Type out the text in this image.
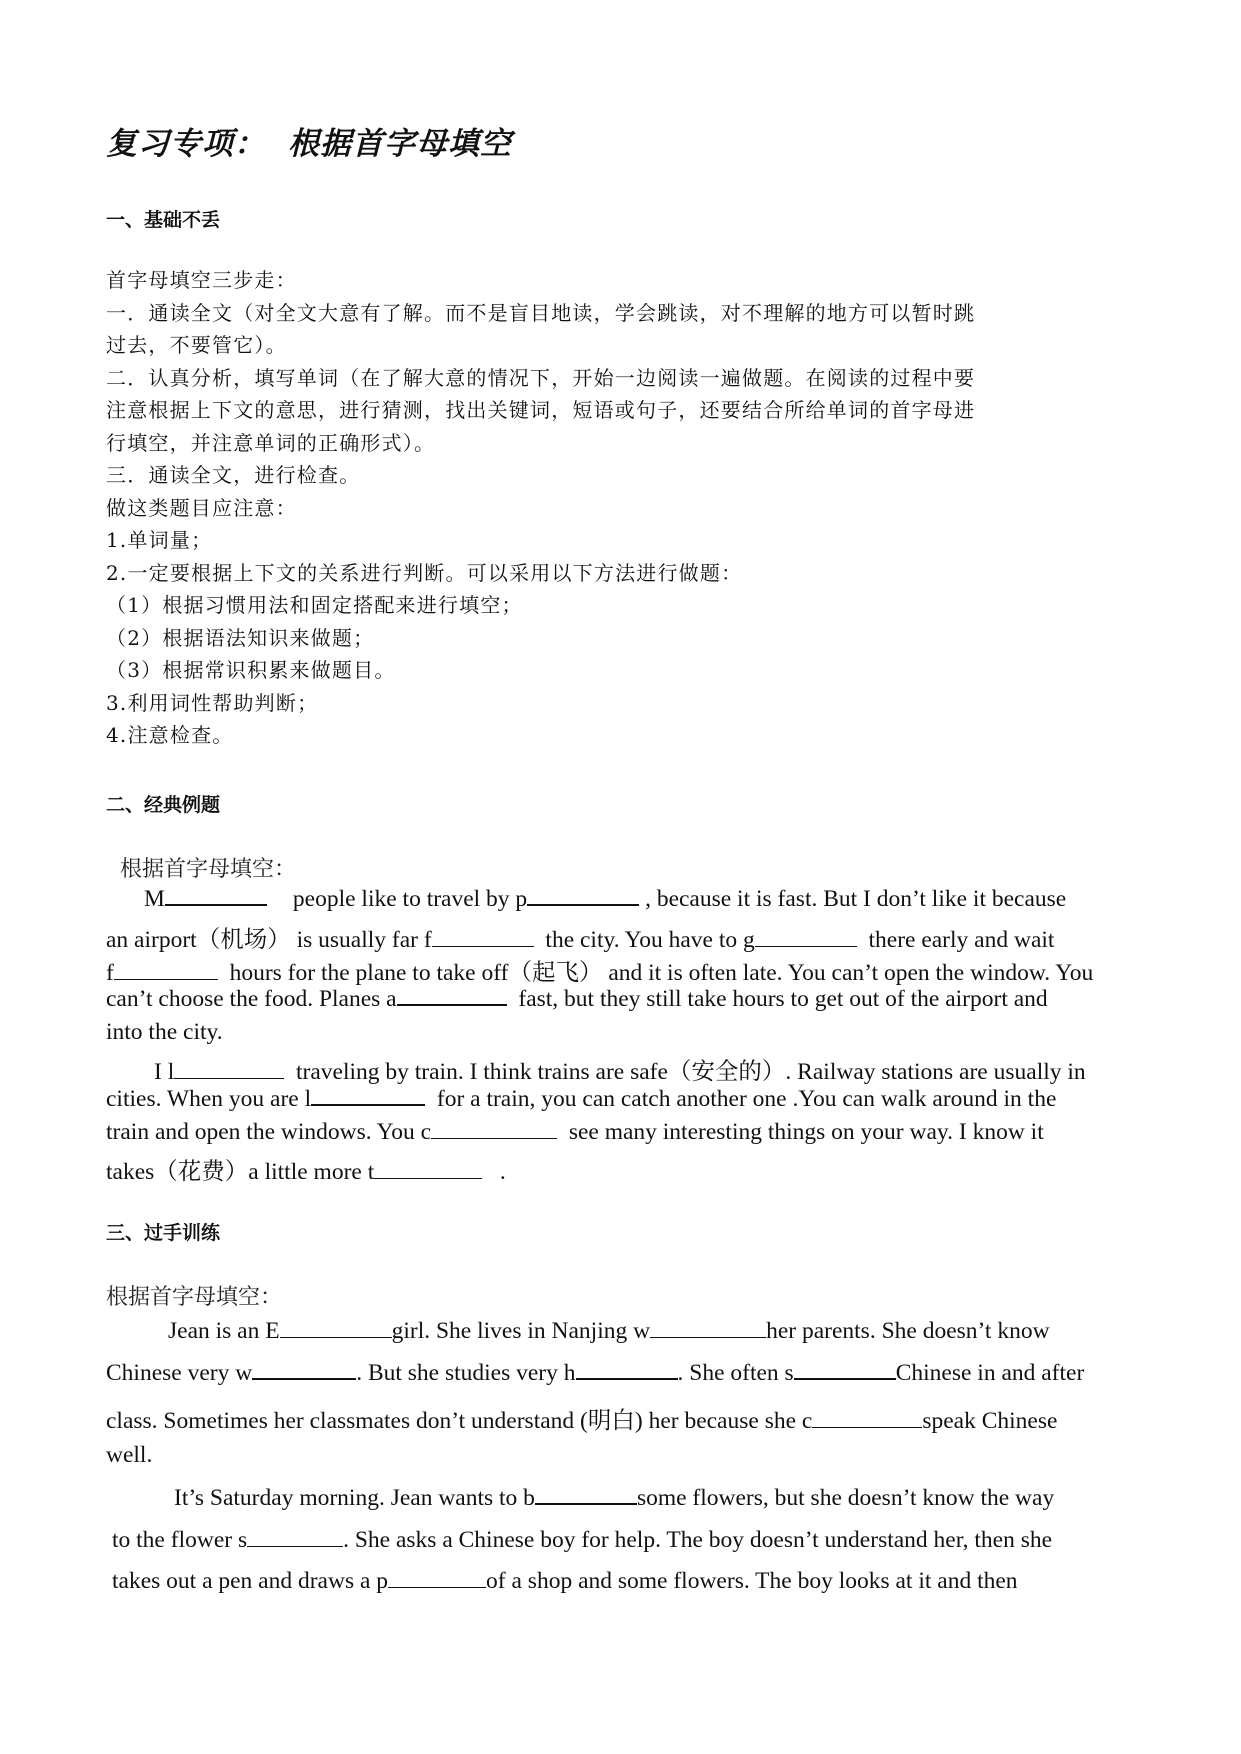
复习专项： 根据首字母填空
一、基础不丢
首字母填空三步走：
一．通读全文（对全文大意有了解。而不是盲目地读，学会跳读，对不理解的地方可以暂时跳
过去，不要管它）。
二．认真分析，填写单词（在了解大意的情况下，开始一边阅读一遍做题。在阅读的过程中要
注意根据上下文的意思，进行猜测，找出关键词，短语或句子，还要结合所给单词的首字母进
行填空，并注意单词的正确形式）。
三．通读全文，进行检查。
做这类题目应注意：
1.单词量；
2.一定要根据上下文的关系进行判断。可以采用以下方法进行做题：
（1）根据习惯用法和固定搭配来进行填空；
（2）根据语法知识来做题；
（3）根据常识积累来做题目。
3.利用词性帮助判断；
4.注意检查。
二、经典例题
根据首字母填空：
M	people like to travel by p	, because it is fast. But I don’t like it because
an airport（机场） is usually far f	the city. You have to g	there early and wait
f	hours for the plane to take off（起飞） and it is often late. You can’t open the window. You
can’t choose the food. Planes a	fast, but they still take hours to get out of the airport and
into the city.
I l	traveling by train. I think trains are safe（安全的）. Railway stations are usually in
cities. When you are l	for a train, you can catch another one .You can walk around in the
train and open the windows. You c	see many interesting things on your way. I know it
takes（花费）a little more t	.
三、过手训练
根据首字母填空：
Jean is an E	girl. She lives in Nanjing w	her parents. She doesn’t know
Chinese very w	. But she studies very h	. She often s	Chinese in and after
class. Sometimes her classmates don’t understand (明白) her because she c	speak Chinese
well.
It’s Saturday morning. Jean wants to b	some flowers, but she doesn’t know the way
to the flower s	. She asks a Chinese boy for help. The boy doesn’t understand her, then she
takes out a pen and draws a p	of a shop and some flowers. The boy looks at it and then
